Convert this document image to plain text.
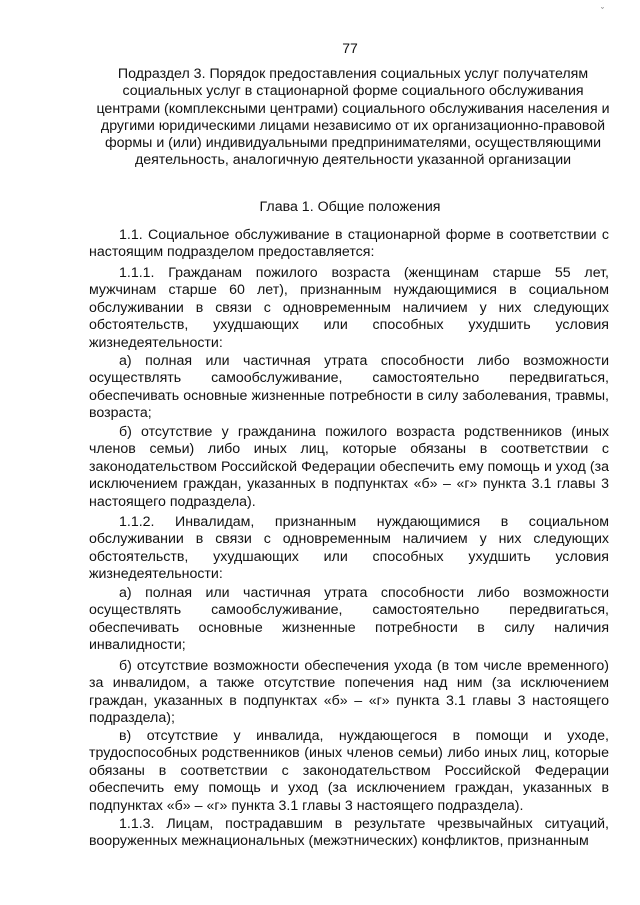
ˇ
77
Подраздел 3. Порядок предоставления социальных услуг получателям социальных услуг в стационарной форме социального обслуживания центрами (комплексными центрами) социального обслуживания населения и другими юридическими лицами независимо от их организационно-правовой формы и (или) индивидуальными предпринимателями, осуществляющими деятельность, аналогичную деятельности указанной организации
Глава 1. Общие положения
1.1. Социальное обслуживание в стационарной форме в соответствии с настоящим подразделом предоставляется:
1.1.1. Гражданам пожилого возраста (женщинам старше 55 лет, мужчинам старше 60 лет), признанным нуждающимися в социальном обслуживании в связи с одновременным наличием у них следующих обстоятельств, ухудшающих или способных ухудшить условия жизнедеятельности:
а) полная или частичная утрата способности либо возможности осуществлять самообслуживание, самостоятельно передвигаться, обеспечивать основные жизненные потребности в силу заболевания, травмы, возраста;
б) отсутствие у гражданина пожилого возраста родственников (иных членов семьи) либо иных лиц, которые обязаны в соответствии с законодательством Российской Федерации обеспечить ему помощь и уход (за исключением граждан, указанных в подпунктах «б» – «г» пункта 3.1 главы 3 настоящего подраздела).
1.1.2. Инвалидам, признанным нуждающимися в социальном обслуживании в связи с одновременным наличием у них следующих обстоятельств, ухудшающих или способных ухудшить условия жизнедеятельности:
а) полная или частичная утрата способности либо возможности осуществлять самообслуживание, самостоятельно передвигаться, обеспечивать основные жизненные потребности в силу наличия инвалидности;
б) отсутствие возможности обеспечения ухода (в том числе временного) за инвалидом, а также отсутствие попечения над ним (за исключением граждан, указанных в подпунктах «б» – «г» пункта 3.1 главы 3 настоящего подраздела);
в) отсутствие у инвалида, нуждающегося в помощи и уходе, трудоспособных родственников (иных членов семьи) либо иных лиц, которые обязаны в соответствии с законодательством Российской Федерации обеспечить ему помощь и уход (за исключением граждан, указанных в подпунктах «б» – «г» пункта 3.1 главы 3 настоящего подраздела).
1.1.3. Лицам, пострадавшим в результате чрезвычайных ситуаций, вооруженных межнациональных (межэтнических) конфликтов, признанным
